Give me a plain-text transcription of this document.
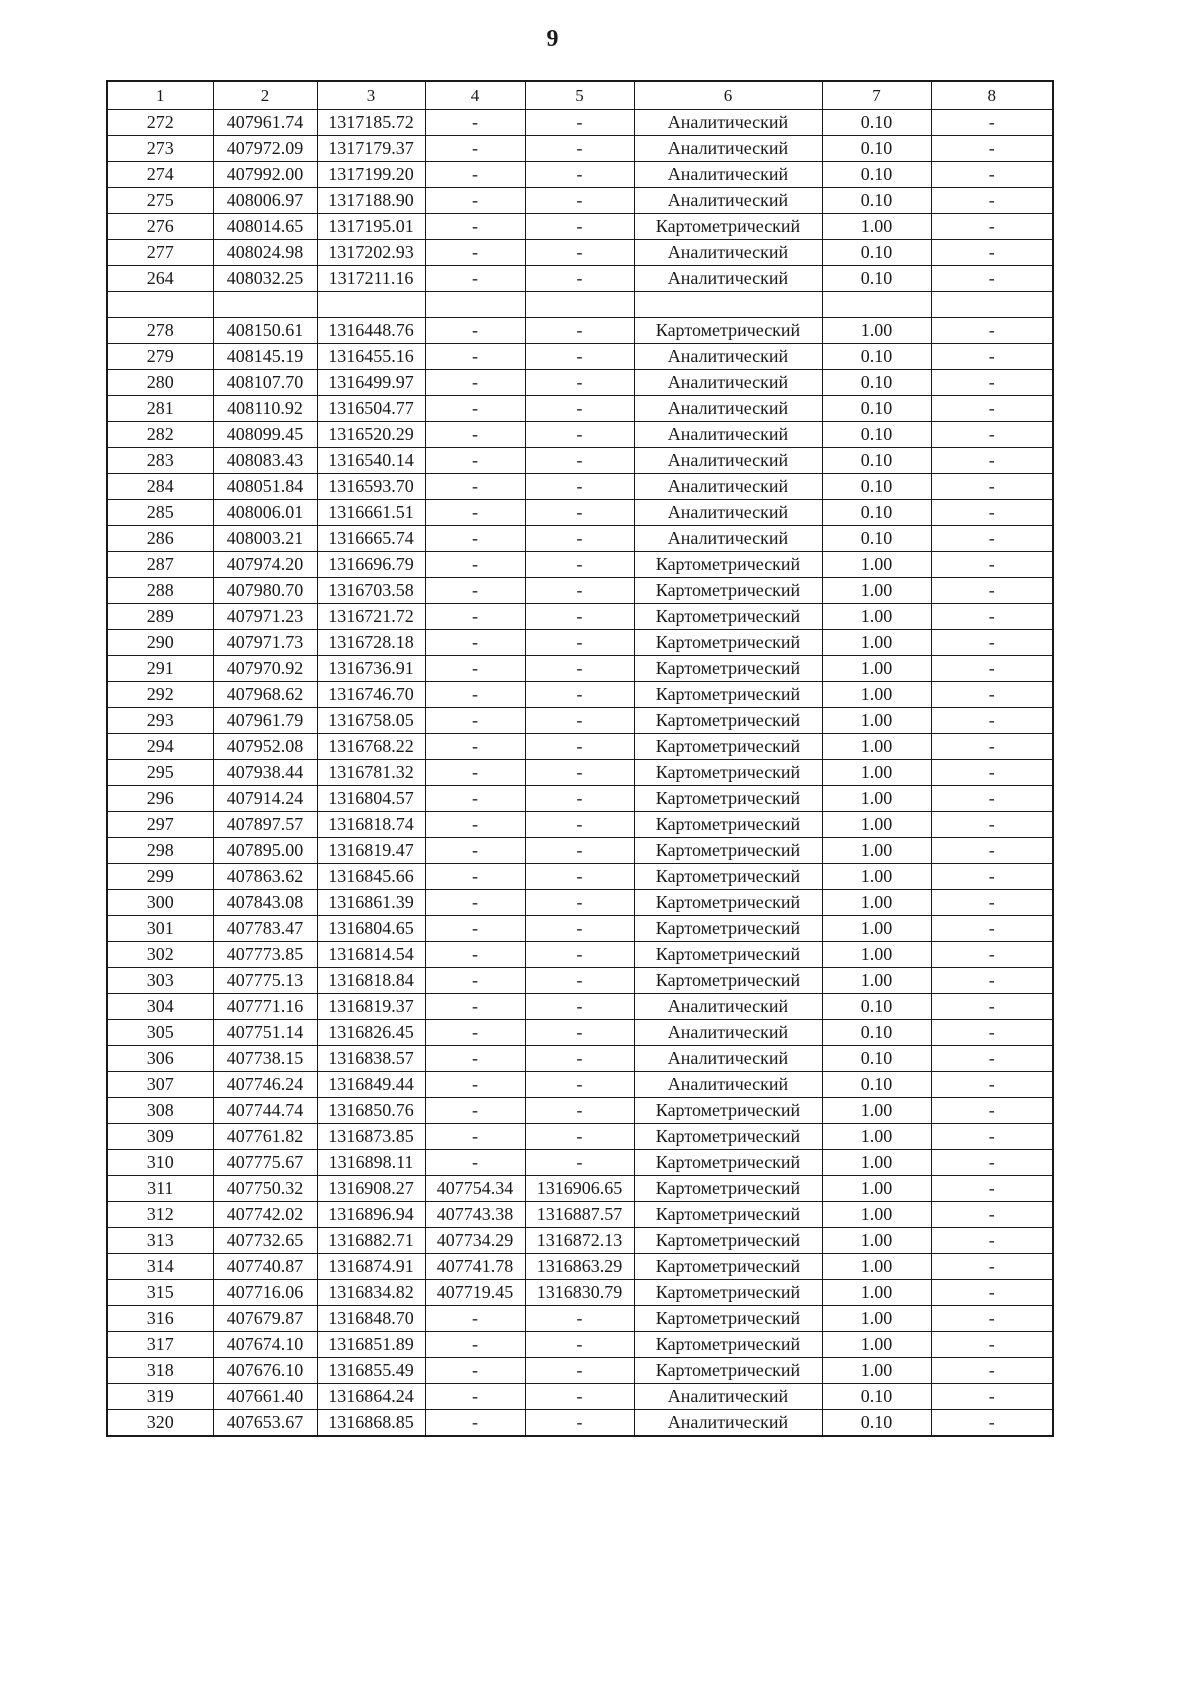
9
1	2	3	4	5	6	7	8
272	407961.74	1317185.72	-	-	Аналитический	0.10	-
273	407972.09	1317179.37	-	-	Аналитический	0.10	-
274	407992.00	1317199.20	-	-	Аналитический	0.10	-
275	408006.97	1317188.90	-	-	Аналитический	0.10	-
276	408014.65	1317195.01	-	-	Картометрический	1.00	-
277	408024.98	1317202.93	-	-	Аналитический	0.10	-
264	408032.25	1317211.16	-	-	Аналитический	0.10	-

278	408150.61	1316448.76	-	-	Картометрический	1.00	-
279	408145.19	1316455.16	-	-	Аналитический	0.10	-
280	408107.70	1316499.97	-	-	Аналитический	0.10	-
281	408110.92	1316504.77	-	-	Аналитический	0.10	-
282	408099.45	1316520.29	-	-	Аналитический	0.10	-
283	408083.43	1316540.14	-	-	Аналитический	0.10	-
284	408051.84	1316593.70	-	-	Аналитический	0.10	-
285	408006.01	1316661.51	-	-	Аналитический	0.10	-
286	408003.21	1316665.74	-	-	Аналитический	0.10	-
287	407974.20	1316696.79	-	-	Картометрический	1.00	-
288	407980.70	1316703.58	-	-	Картометрический	1.00	-
289	407971.23	1316721.72	-	-	Картометрический	1.00	-
290	407971.73	1316728.18	-	-	Картометрический	1.00	-
291	407970.92	1316736.91	-	-	Картометрический	1.00	-
292	407968.62	1316746.70	-	-	Картометрический	1.00	-
293	407961.79	1316758.05	-	-	Картометрический	1.00	-
294	407952.08	1316768.22	-	-	Картометрический	1.00	-
295	407938.44	1316781.32	-	-	Картометрический	1.00	-
296	407914.24	1316804.57	-	-	Картометрический	1.00	-
297	407897.57	1316818.74	-	-	Картометрический	1.00	-
298	407895.00	1316819.47	-	-	Картометрический	1.00	-
299	407863.62	1316845.66	-	-	Картометрический	1.00	-
300	407843.08	1316861.39	-	-	Картометрический	1.00	-
301	407783.47	1316804.65	-	-	Картометрический	1.00	-
302	407773.85	1316814.54	-	-	Картометрический	1.00	-
303	407775.13	1316818.84	-	-	Картометрический	1.00	-
304	407771.16	1316819.37	-	-	Аналитический	0.10	-
305	407751.14	1316826.45	-	-	Аналитический	0.10	-
306	407738.15	1316838.57	-	-	Аналитический	0.10	-
307	407746.24	1316849.44	-	-	Аналитический	0.10	-
308	407744.74	1316850.76	-	-	Картометрический	1.00	-
309	407761.82	1316873.85	-	-	Картометрический	1.00	-
310	407775.67	1316898.11	-	-	Картометрический	1.00	-
311	407750.32	1316908.27	407754.34	1316906.65	Картометрический	1.00	-
312	407742.02	1316896.94	407743.38	1316887.57	Картометрический	1.00	-
313	407732.65	1316882.71	407734.29	1316872.13	Картометрический	1.00	-
314	407740.87	1316874.91	407741.78	1316863.29	Картометрический	1.00	-
315	407716.06	1316834.82	407719.45	1316830.79	Картометрический	1.00	-
316	407679.87	1316848.70	-	-	Картометрический	1.00	-
317	407674.10	1316851.89	-	-	Картометрический	1.00	-
318	407676.10	1316855.49	-	-	Картометрический	1.00	-
319	407661.40	1316864.24	-	-	Аналитический	0.10	-
320	407653.67	1316868.85	-	-	Аналитический	0.10	-
